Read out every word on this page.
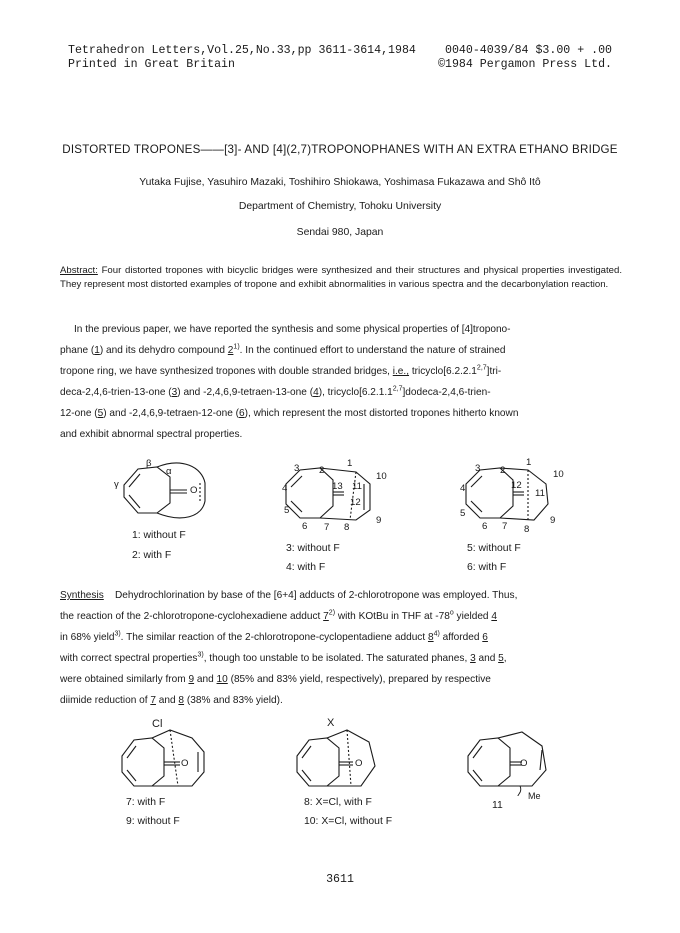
Tetrahedron Letters,Vol.25,No.33,pp 3611-3614,1984
Printed in Great Britain
0040-4039/84 $3.00 + .00
©1984 Pergamon Press Ltd.
DISTORTED TROPONES——[3]- AND [4](2,7)TROPONOPHANES WITH AN EXTRA ETHANO BRIDGE
Yutaka Fujise, Yasuhiro Mazaki, Toshihiro Shiokawa, Yoshimasa Fukazawa and Shô Itô
Department of Chemistry, Tohoku University
Sendai 980, Japan
Abstract: Four distorted tropones with bicyclic bridges were synthesized and their structures and physical properties investigated. They represent most distorted examples of tropone and exhibit abnormalities in various spectra and the decarbonylation reaction.
In the previous paper, we have reported the synthesis and some physical properties of [4]tropono-
phane (1) and its dehydro compound 2$^{1)}$. In the continued effort to understand the nature of strained
tropone ring, we have synthesized tropones with double stranded bridges, i.e., tricyclo[6.2.2.1$^{2,7}$]tri-
deca-2,4,6-trien-13-one (3) and -2,4,6,9-tetraen-13-one (4), tricyclo[6.2.1.1$^{2,7}$]dodeca-2,4,6-trien-
12-one (5) and -2,4,6,9-tetraen-12-one (6), which represent the most distorted tropones hitherto known
and exhibit abnormal spectral properties.
β
α
γ
O
1: without F
2: with F
3 2
1
10
4	13 11
12
5
6 7 8
9
3: without F
4: with F
3 2
1
10
4	12
11
5
6 7 8
9
5: without F
6: with F
Synthesis Dehydrochlorination by base of the [6+4] adducts of 2-chlorotropone was employed. Thus,
the reaction of the 2-chlorotropone-cyclohexadiene adduct 7$^{2)}$ with KOtBu in THF at -78$^o$ yielded 4
in 68% yield$^{3)}$. The similar reaction of the 2-chlorotropone-cyclopentadiene adduct 8$^{4)}$ afforded 6
with correct spectral properties$^{3)}$, though too unstable to be isolated. The saturated phanes, 3 and 5,
were obtained similarly from 9 and 10 (85% and 83% yield, respectively), prepared by respective
diimide reduction of 7 and 8 (38% and 83% yield).
Cl
O
7: with F
9: without F
X
O
8: X=Cl, with F
10: X=Cl, without F
O
Me
11
3611
